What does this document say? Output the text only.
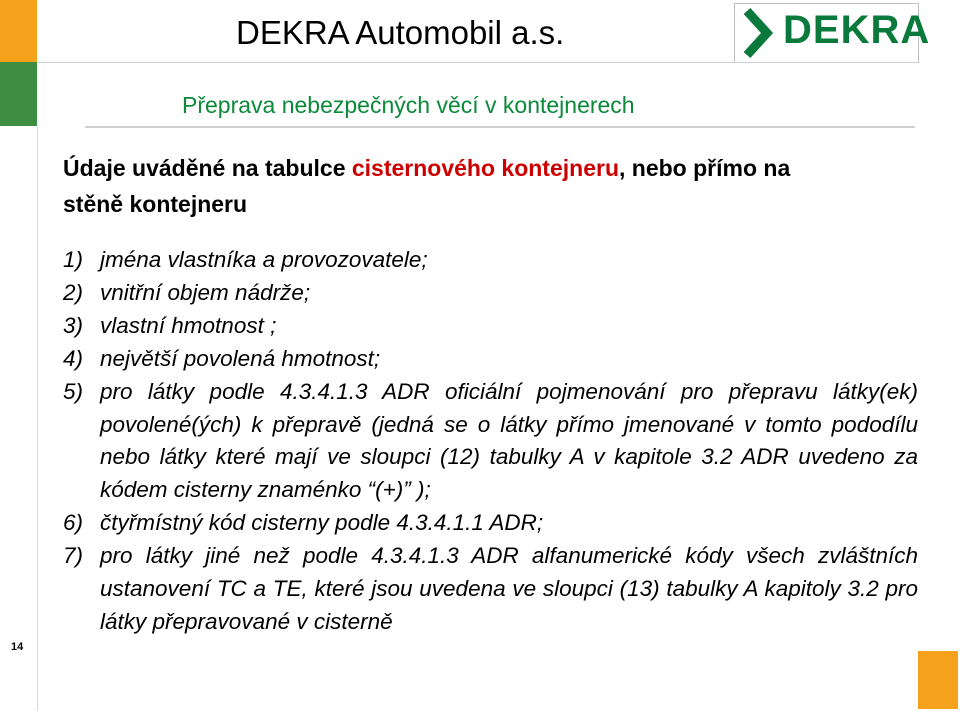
DEKRA Automobil a.s.	DEKRA
Přeprava nebezpečných věcí v kontejnerech
Údaje uváděné na tabulce cisternového kontejneru, nebo přímo na stěně kontejneru
1) jména vlastníka a provozovatele;
2) vnitřní objem nádrže;
3) vlastní hmotnost ;
4) největší povolená hmotnost;
5) pro látky podle 4.3.4.1.3 ADR oficiální pojmenování pro přepravu látky(ek) povolené(ých) k přepravě (jedná se o látky přímo jmenované v tomto pododílu nebo látky které mají ve sloupci (12) tabulky A v kapitole 3.2 ADR uvedeno za kódem cisterny znaménko “(+)” );
6) čtyřmístný kód cisterny podle 4.3.4.1.1 ADR;
7) pro látky jiné než podle 4.3.4.1.3 ADR alfanumerické kódy všech zvláštních ustanovení TC a TE, které jsou uvedena ve sloupci (13) tabulky A kapitoly 3.2 pro látky přepravované v cisterně
14
